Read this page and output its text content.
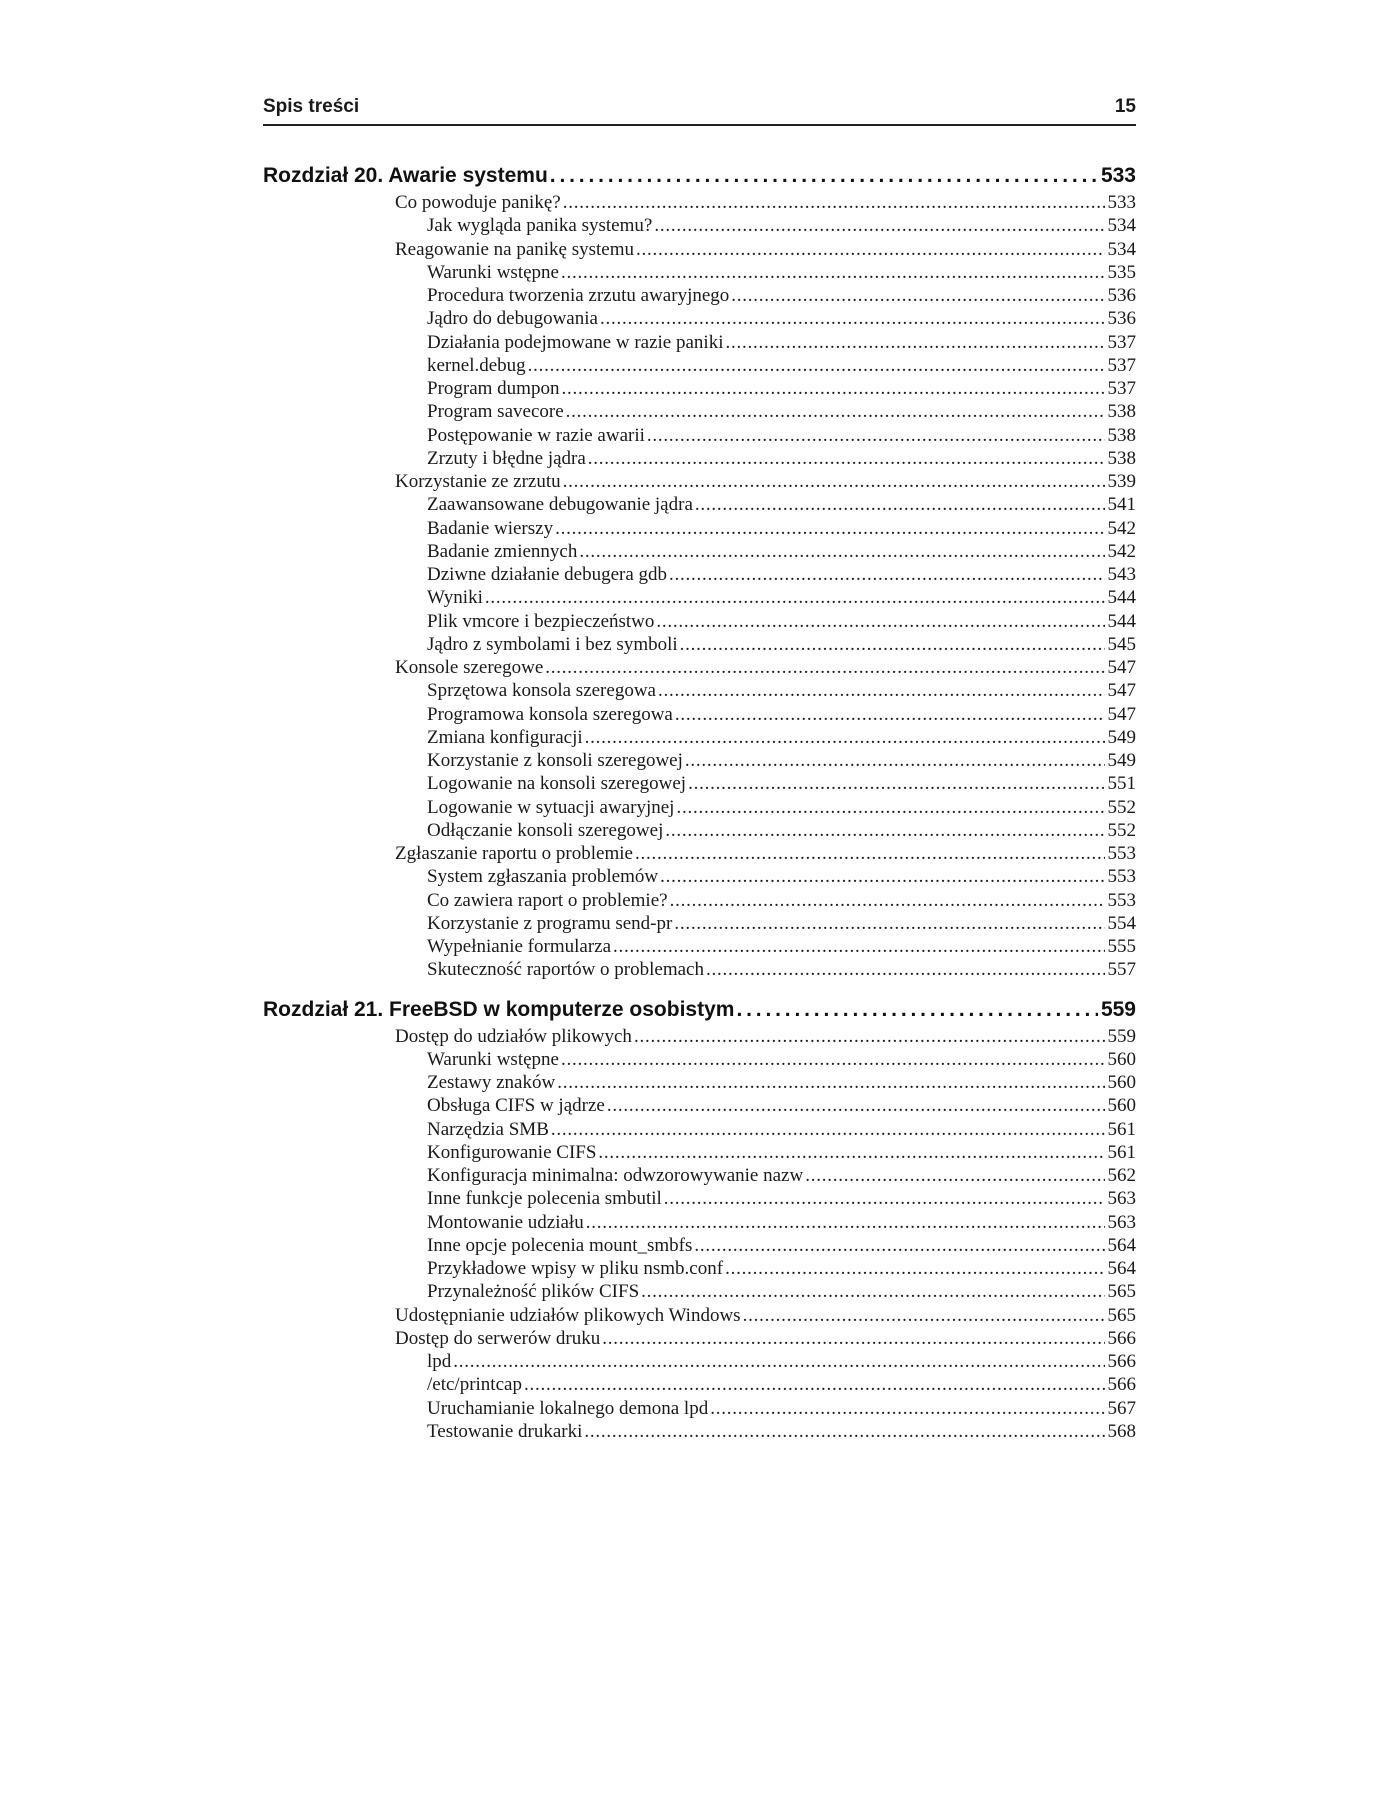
Spis treści	15
Rozdział 20. Awarie systemu . . .	533
Co powoduje panikę? . . .	533
Jak wygląda panika systemu? . . .	534
Reagowanie na panikę systemu . . .	534
Warunki wstępne . . .	535
Procedura tworzenia zrzutu awaryjnego . . .	536
Jądro do debugowania . . .	536
Działania podejmowane w razie paniki . . .	537
kernel.debug . . .	537
Program dumpon . . .	537
Program savecore . . .	538
Postępowanie w razie awarii . . .	538
Zrzuty i błędne jądra . . .	538
Korzystanie ze zrzutu . . .	539
Zaawansowane debugowanie jądra . . .	541
Badanie wierszy . . .	542
Badanie zmiennych . . .	542
Dziwne działanie debugera gdb . . .	543
Wyniki . . .	544
Plik vmcore i bezpieczeństwo . . .	544
Jądro z symbolami i bez symboli . . .	545
Konsole szeregowe . . .	547
Sprzętowa konsola szeregowa . . .	547
Programowa konsola szeregowa . . .	547
Zmiana konfiguracji . . .	549
Korzystanie z konsoli szeregowej . . .	549
Logowanie na konsoli szeregowej . . .	551
Logowanie w sytuacji awaryjnej . . .	552
Odłączanie konsoli szeregowej . . .	552
Zgłaszanie raportu o problemie . . .	553
System zgłaszania problemów . . .	553
Co zawiera raport o problemie? . . .	553
Korzystanie z programu send-pr . . .	554
Wypełnianie formularza . . .	555
Skuteczność raportów o problemach . . .	557
Rozdział 21. FreeBSD w komputerze osobistym . . .	559
Dostęp do udziałów plikowych . . .	559
Warunki wstępne . . .	560
Zestawy znaków . . .	560
Obsługa CIFS w jądrze . . .	560
Narzędzia SMB . . .	561
Konfigurowanie CIFS . . .	561
Konfiguracja minimalna: odwzorowywanie nazw . . .	562
Inne funkcje polecenia smbutil . . .	563
Montowanie udziału . . .	563
Inne opcje polecenia mount_smbfs . . .	564
Przykładowe wpisy w pliku nsmb.conf . . .	564
Przynależność plików CIFS . . .	565
Udostępnianie udziałów plikowych Windows . . .	565
Dostęp do serwerów druku . . .	566
lpd . . .	566
/etc/printcap . . .	566
Uruchamianie lokalnego demona lpd . . .	567
Testowanie drukarki . . .	568
